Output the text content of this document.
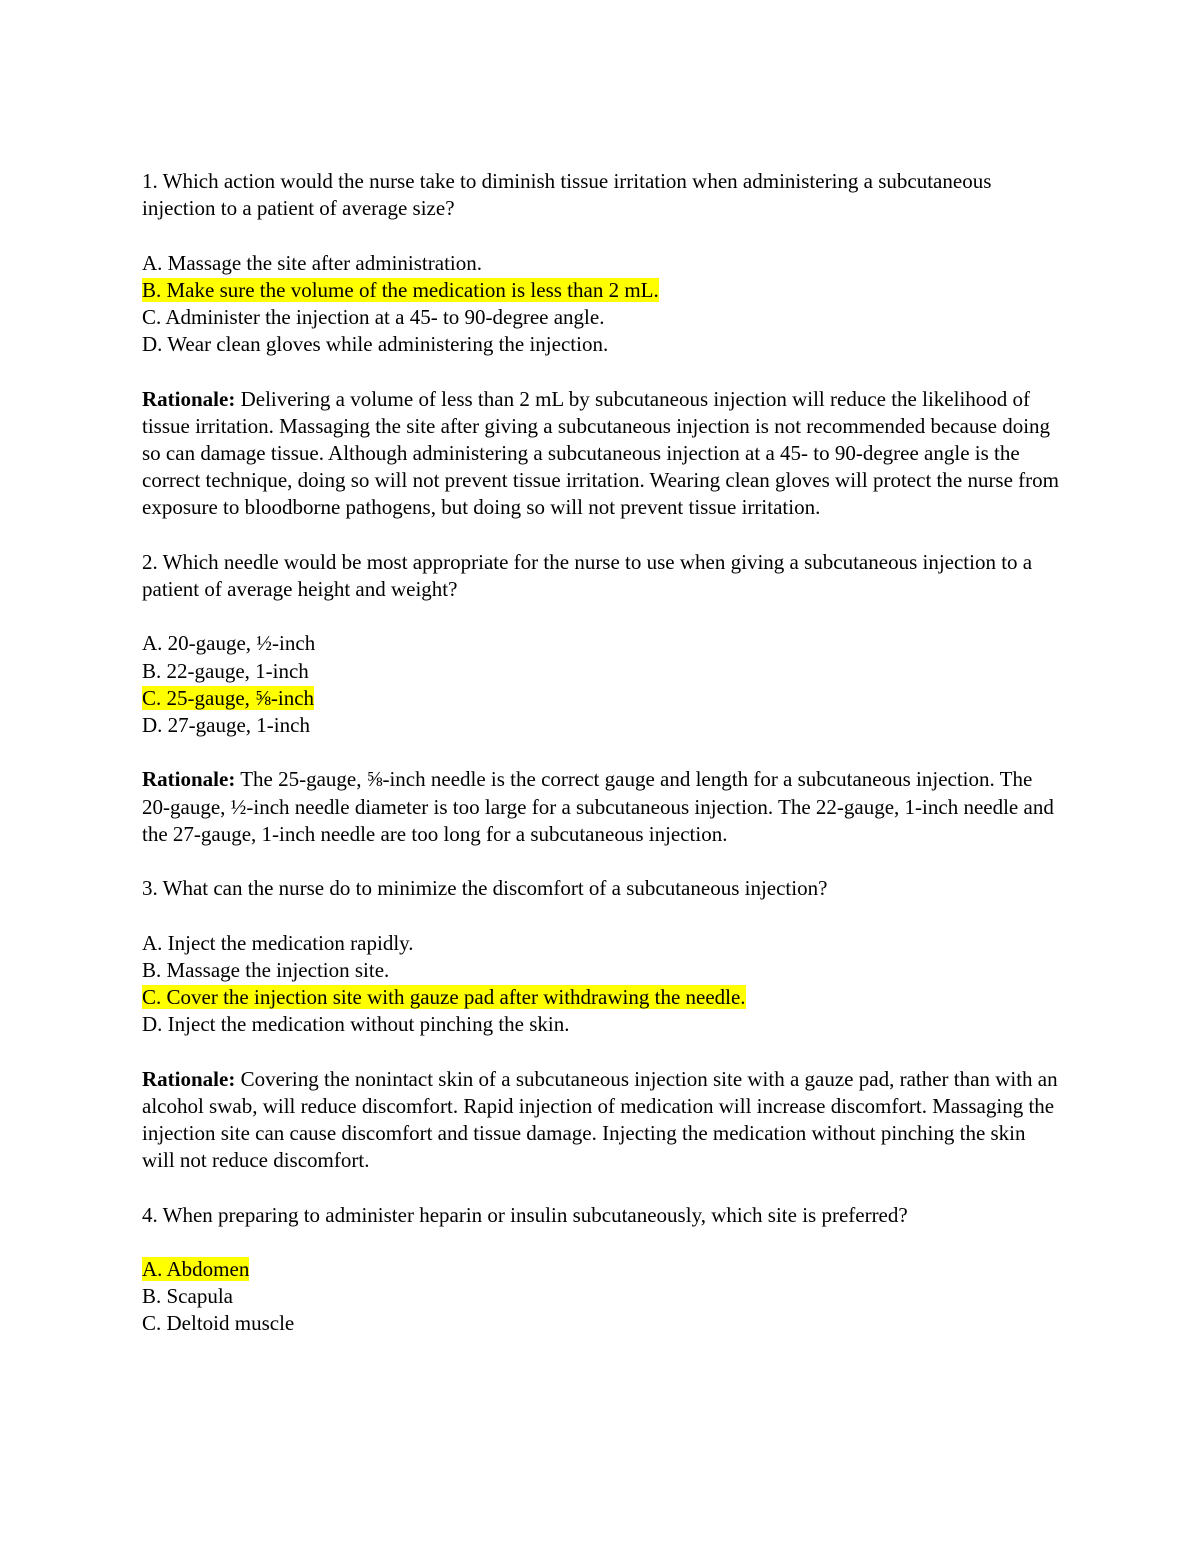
1. Which action would the nurse take to diminish tissue irritation when administering a subcutaneous injection to a patient of average size?

A. Massage the site after administration.
B. Make sure the volume of the medication is less than 2 mL.
C. Administer the injection at a 45- to 90-degree angle.
D. Wear clean gloves while administering the injection.

Rationale: Delivering a volume of less than 2 mL by subcutaneous injection will reduce the likelihood of tissue irritation. Massaging the site after giving a subcutaneous injection is not recommended because doing so can damage tissue. Although administering a subcutaneous injection at a 45- to 90-degree angle is the correct technique, doing so will not prevent tissue irritation. Wearing clean gloves will protect the nurse from exposure to bloodborne pathogens, but doing so will not prevent tissue irritation.

2. Which needle would be most appropriate for the nurse to use when giving a subcutaneous injection to a patient of average height and weight?

A. 20-gauge, ½-inch
B. 22-gauge, 1-inch
C. 25-gauge, ⅝-inch
D. 27-gauge, 1-inch

Rationale: The 25-gauge, ⅝-inch needle is the correct gauge and length for a subcutaneous injection. The 20-gauge, ½-inch needle diameter is too large for a subcutaneous injection. The 22-gauge, 1-inch needle and the 27-gauge, 1-inch needle are too long for a subcutaneous injection.

3. What can the nurse do to minimize the discomfort of a subcutaneous injection?

A. Inject the medication rapidly.
B. Massage the injection site.
C. Cover the injection site with gauze pad after withdrawing the needle.
D. Inject the medication without pinching the skin.

Rationale: Covering the nonintact skin of a subcutaneous injection site with a gauze pad, rather than with an alcohol swab, will reduce discomfort. Rapid injection of medication will increase discomfort. Massaging the injection site can cause discomfort and tissue damage. Injecting the medication without pinching the skin will not reduce discomfort.

4. When preparing to administer heparin or insulin subcutaneously, which site is preferred?

A. Abdomen
B. Scapula
C. Deltoid muscle
